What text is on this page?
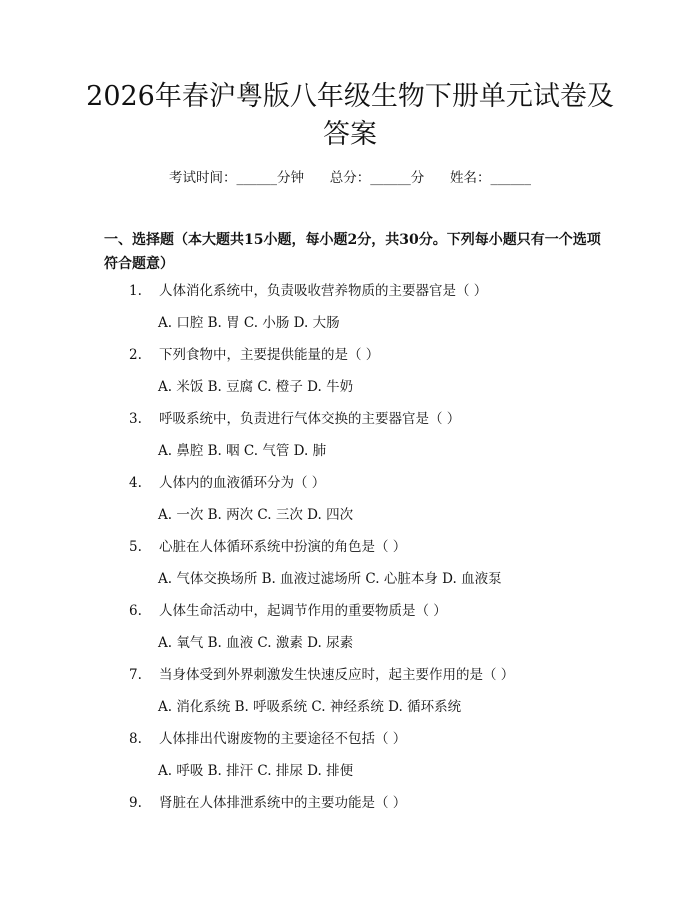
2026年春沪粤版八年级生物下册单元试卷及答案
考试时间：______分钟      总分：______分      姓名：______
一、选择题（本大题共15小题，每小题2分，共30分。下列每小题只有一个选项符合题意）
1. 人体消化系统中，负责吸收营养物质的主要器官是（ ）
A. 口腔 B. 胃 C. 小肠 D. 大肠
2. 下列食物中，主要提供能量的是（ ）
A. 米饭 B. 豆腐 C. 橙子 D. 牛奶
3. 呼吸系统中，负责进行气体交换的主要器官是（ ）
A. 鼻腔 B. 咽 C. 气管 D. 肺
4. 人体内的血液循环分为（ ）
A. 一次 B. 两次 C. 三次 D. 四次
5. 心脏在人体循环系统中扮演的角色是（ ）
A. 气体交换场所 B. 血液过滤场所 C. 心脏本身 D. 血液泵
6. 人体生命活动中，起调节作用的重要物质是（ ）
A. 氧气 B. 血液 C. 激素 D. 尿素
7. 当身体受到外界刺激发生快速反应时，起主要作用的是（ ）
A. 消化系统 B. 呼吸系统 C. 神经系统 D. 循环系统
8. 人体排出代谢废物的主要途径不包括（ ）
A. 呼吸 B. 排汗 C. 排尿 D. 排便
9. 肾脏在人体排泄系统中的主要功能是（ ）
